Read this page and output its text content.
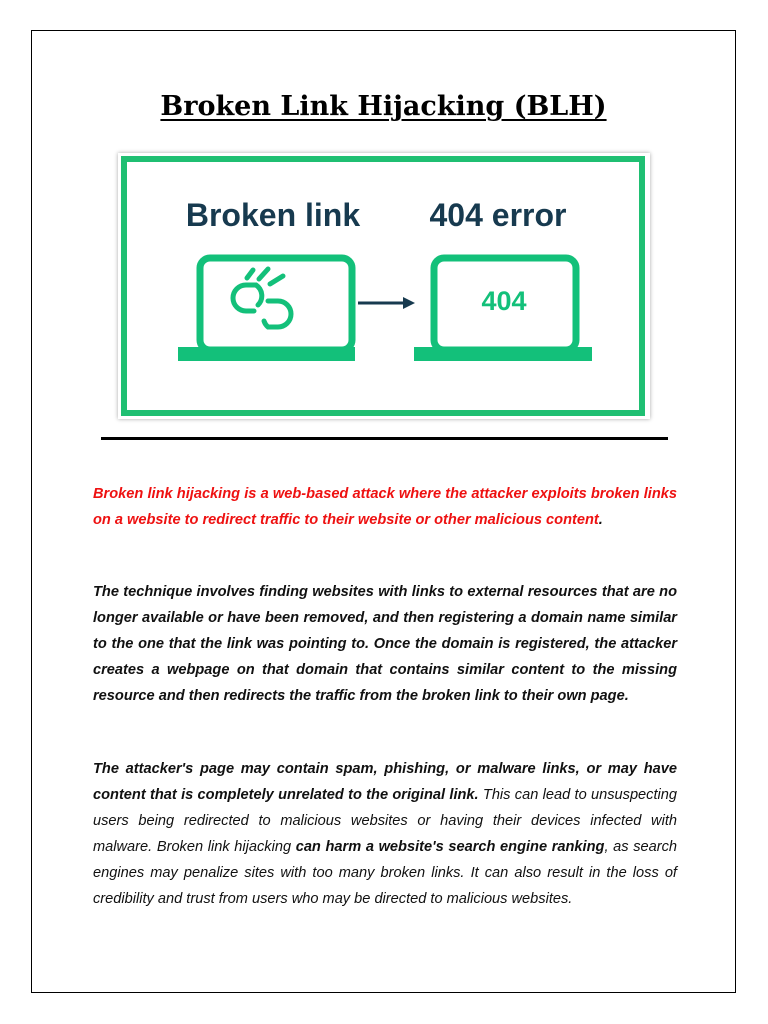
Broken Link Hijacking (BLH)
Broken link 404 error
404

Broken link hijacking is a web-based attack where the attacker exploits broken links on a website to redirect traffic to their website or other malicious content.

The technique involves finding websites with links to external resources that are no longer available or have been removed, and then registering a domain name similar to the one that the link was pointing to. Once the domain is registered, the attacker creates a webpage on that domain that contains similar content to the missing resource and then redirects the traffic from the broken link to their own page.

The attacker's page may contain spam, phishing, or malware links, or may have content that is completely unrelated to the original link. This can lead to unsuspecting users being redirected to malicious websites or having their devices infected with malware. Broken link hijacking can harm a website's search engine ranking, as search engines may penalize sites with too many broken links. It can also result in the loss of credibility and trust from users who may be directed to malicious websites.
